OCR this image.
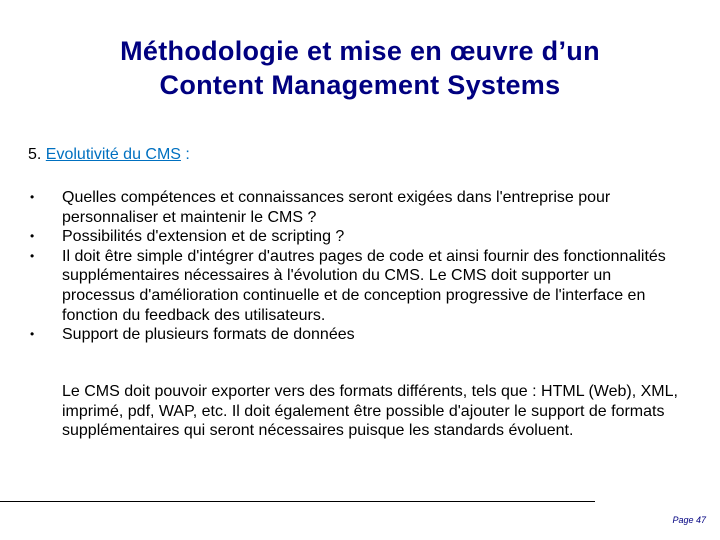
Méthodologie et mise en œuvre d’un
Content Management Systems
5. Evolutivité du CMS :
• Quelles compétences et connaissances seront exigées dans l'entreprise pour personnaliser et maintenir le CMS ?
• Possibilités d'extension et de scripting ?
• Il doit être simple d'intégrer d'autres pages de code et ainsi fournir des fonctionnalités supplémentaires nécessaires à l'évolution du CMS. Le CMS doit supporter un processus d'amélioration continuelle et de conception progressive de l'interface en fonction du feedback des utilisateurs.
• Support de plusieurs formats de données

Le CMS doit pouvoir exporter vers des formats différents, tels que : HTML (Web), XML, imprimé, pdf, WAP, etc. Il doit également être possible d'ajouter le support de formats supplémentaires qui seront nécessaires puisque les standards évoluent.

Page 47
